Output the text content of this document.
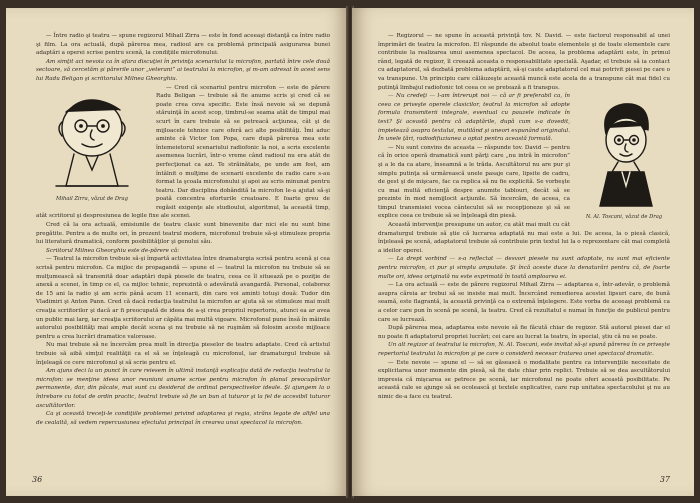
— Între radio şi teatru — spune regizorul Mihail Zirra — este în fond aceeaşi distanţă ca între radio şi film. La ora actuală, după părerea mea, radioul are ca problemă principală asigurarea bunei adaptări a operei scrise pentru scenă, la condiţiile microfonului.

Am simţit aci nevoia ca în afara discuţiei în privinţa scenariului la microfon, partată între cele două sectoare, să cercetăm şi părerile unor „veterani” ai teatrului la microfon, şi m-am adresat în acest sens lui Radu Beligan şi scriitorului Milnea Gheorghiu.

Mihail Zirra, văzut de Drag

— Cred că scenariul pentru microfon — este de părere Radu Beligan — trebuie să fie anume scris şi cred că se poate crea ceva specific. Este însă nevoie să se depună stăruinţă în acest scop, timbrul-se seama atât de timpul mai scurt în care trebuie să se petreacă acţiunea, cât şi de mijloacele tehnice care oferă aci alte posibilităţi. Îmi aduc aminte că Victor Ion Popa, care după părerea mea este întemeietorul scenariului radiofonic la noi, a scris excelente asemenea lucrări, într-o vreme când radioul nu era atât de perfecţionat ca azi. Te străinătate, pe unde am fost, am întâlnit o mulţime de scenarii excelente de radio care s-au format la şcoala microfonului şi apoi au scris minunat pentru teatru. Dar disciplina dobândită la microfon le-a ajutat să-şi poată concentra eforturile creatoare. E foarte greu de regăsit exigenţe ale studioului, algoritmul, la această timp, atât scriitorul şi despresiunea de legile fixe ale scenei.

Cred că la ora actuală, emisiunile de teatru clasic sunt binevenite dar nici ele nu sunt bine pregătite. Pentru a de multe ori, în prezent teatrul modern, microfonul trebuie să-şi stimuleze propria lui literatură dramatică, conform posibilităţilor şi genului său.

Scriitorul Milnea Gheorghiu este de-părere că:

— Teatrul la microfon trebuie să-şi împartă activitatea între dramaturgia scrisă pentru scenă şi cea scrisă pentru microfon. Ca mijloc de propagandă — spune el — teatrul la microfon nu trebuie să se mulţumească să transmită doar adaptări după piesele de teatru, ceea ce îl situează pe o poziţie de anexă a scenei, în timp ce el, ca mijloc tehnic, reprezintă o adevărată avangardă. Personal, colaborez de 15 ani la radio şi am scris până acum 11 scenarii, din care voi aminti totuşi două: Tudor din Vladimiri şi Anton Pann. Cred că dacă redacţia teatrului la microfon ar ajuta să se stimuleze mai mult creaţia scriitorilor şi dacă ar fi preocupată de ideea de a-şi crea propriul repertoriu, atunci ea ar avea un public mai larg, iar creaţia scriitorului ar căpăta mai multă vigoare. Microfonul pune însă în mâinile autorului posibilităţi mai ample decât scena şi nu trebuie să ne ruşinăm să folosim aceste mijloace pentru a crea lucrări dramatice valoroase.

Nu mai trebuie să ne încercăm prea mult în direcţia pieselor de teatru adaptate. Cred că artistul trebuie să aibă simţul realităţii ca el să se înţeleagă cu microfonul, iar dramaturgul trebuie să înţeleagă ce cere microfonul şi să scrie pentru el.

Am ajuns deci la un punct în care reiesem în ultimă instanţă explicaţia dată de redacţia teatrului la microfon: se menţine ideea unor reuniuni anume scrise pentru microfon în planul preocupărilor permanente, dar, din păcate, mai sunt cu desiderat de ordinul perspectivelor ideale. Şi ajungem la o întrebare cu totul de ordin practic, teatrul trebuie să fie un bun al tuturor şi la fel de accesibil tuturor ascultătorilor.

Ca şi această treceţi-le condiţiile problemei privind adaptarea şi regia, străns legate de altfel una de cealaltă, să vedem repercusiunea efectului principal în crearea unui spectacol la microfon.

36

— Regizorul — ne spune în această privinţă tov. N. David. — este factorul responsabil al unei împrimări de teatru la microfon. El răspunde de absolut toate elementele şi de toate elementele care contribuie la realizarea unui asemenea spectacol. De aceea, la problema adaptării este, în primul rând, legată de regizor, îl creează aceasta o responsabilitate specială. Aşadar, el trebuie să ia contact cu adaptatorul, să dezbată problema adaptării, să-şi caute adaptatorul cel mai potrivit piesei pe care o va transpune. Un principiu care călăuzeşte această muncă este acela de a transpune cât mai fidel cu putinţă limbajul radiofonic tot ceea ce se pretează a fi transpus.

N. Al. Toscani, văzut de Drag

— Nu credeţi — l-am întrerupt noi — că ar fi preferabil ca, în ceea ce priveşte operele clasicilor, teatrul la microfon să adopte formula transmiterii integrale, eventual cu pauzele indicate în text? Şi această pentru că adaptările, după cum s-a dovedit, impietează asupra textului, mutilând şi uneori expunând originalul. În unele ţări, radiodifuziunea a optat pentru această formulă.

— Nu sunt convins de aceasta — răspunde tov. David — pentru că în orice operă dramatică sunt părţi care „nu intră în microfon” şi a le da ca atare, înseamnă a le trăda. Ascultătorul nu are pur şi simplu putinţa să urmărească unele pasaje care, lipsite de cadru, de gest şi de mişcare, fac ca replica să nu fie explicită. Se vorbeşte cu mai multă eficienţă despre anumite tablouri, decât să se prezinte în mod nemijlocit acţiunile. Să încercăm, de aceea, ca timpul transmisiei vocea cântecului să se recepţioneze şi să se explice ceea ce trebuie să se înţeleagă din piesă.

Această intervenţie presupune un autor, cu atât mai mult cu cât dramaturgul trebuie să ştie că lucrarea adaptată nu mai este a lui. De aceea, la o piesă clasică, înţeleasă pe scenă, adaptatorul trebuie să contribuie prin textul lui la o reprezentare cât mai completă a ideilor operei.

— La drept vorbind — s-a reflectat — desvori piesele nu sunt adaptate, nu sunt mai eficiente pentru microfon, ci pur şi simplu amputate. Şi încă aceste duce la denaturări pentru că, de foarte multe ori, ideea originală nu este exprimată în toată amploarea ei.

— La ora actuală — este de părere regizorul Mihail Zirra — adaptarea e, într-adevăr, o problemă asupra căreia ar trebui să se insiste mai mult. Încercând remedierea acestei lipsuri care, de bună seamă, este flagrantă, la această privinţă ca o extremă înţelegere. Este vorba de aceeaşi problemă ca a celor care pun în scenă pe scenă, la teatru. Cred că rezultatul e numai în funcţie de publicul pentru care se lucrează.

După părerea mea, adaptarea este nevoie să fie făcută chiar de regizor. Stă autorul piesei dar el nu poate fi adaptatorul propriei lucrări; cei care au lucrat la teatru, în special, ştiu că nu se poate.

Un alt regizor al teatrului la microfon, N. Al. Toscani, este invitat să-şi spună părerea în ce priveşte repertoriul teatrului la microfon şi pe care o consideră necesar tratarea unei spectacol dramatic.

— Este nevoie — spune el — să se găsească o modalitate pentru ca intervenţiile necesitate de explicitarea unor momente din piesă, să fie date chiar prin replici. Trebuie să se dea ascultătorului impresia că mişcarea se petrece pe scenă, iar microfonul ne poate oferi această posibilitate. Pe această cale se ajunge să se ocolească şi textele explicative, care rup unitatea spectacolului şi nu au nimic de-a face cu teatrul.

37
